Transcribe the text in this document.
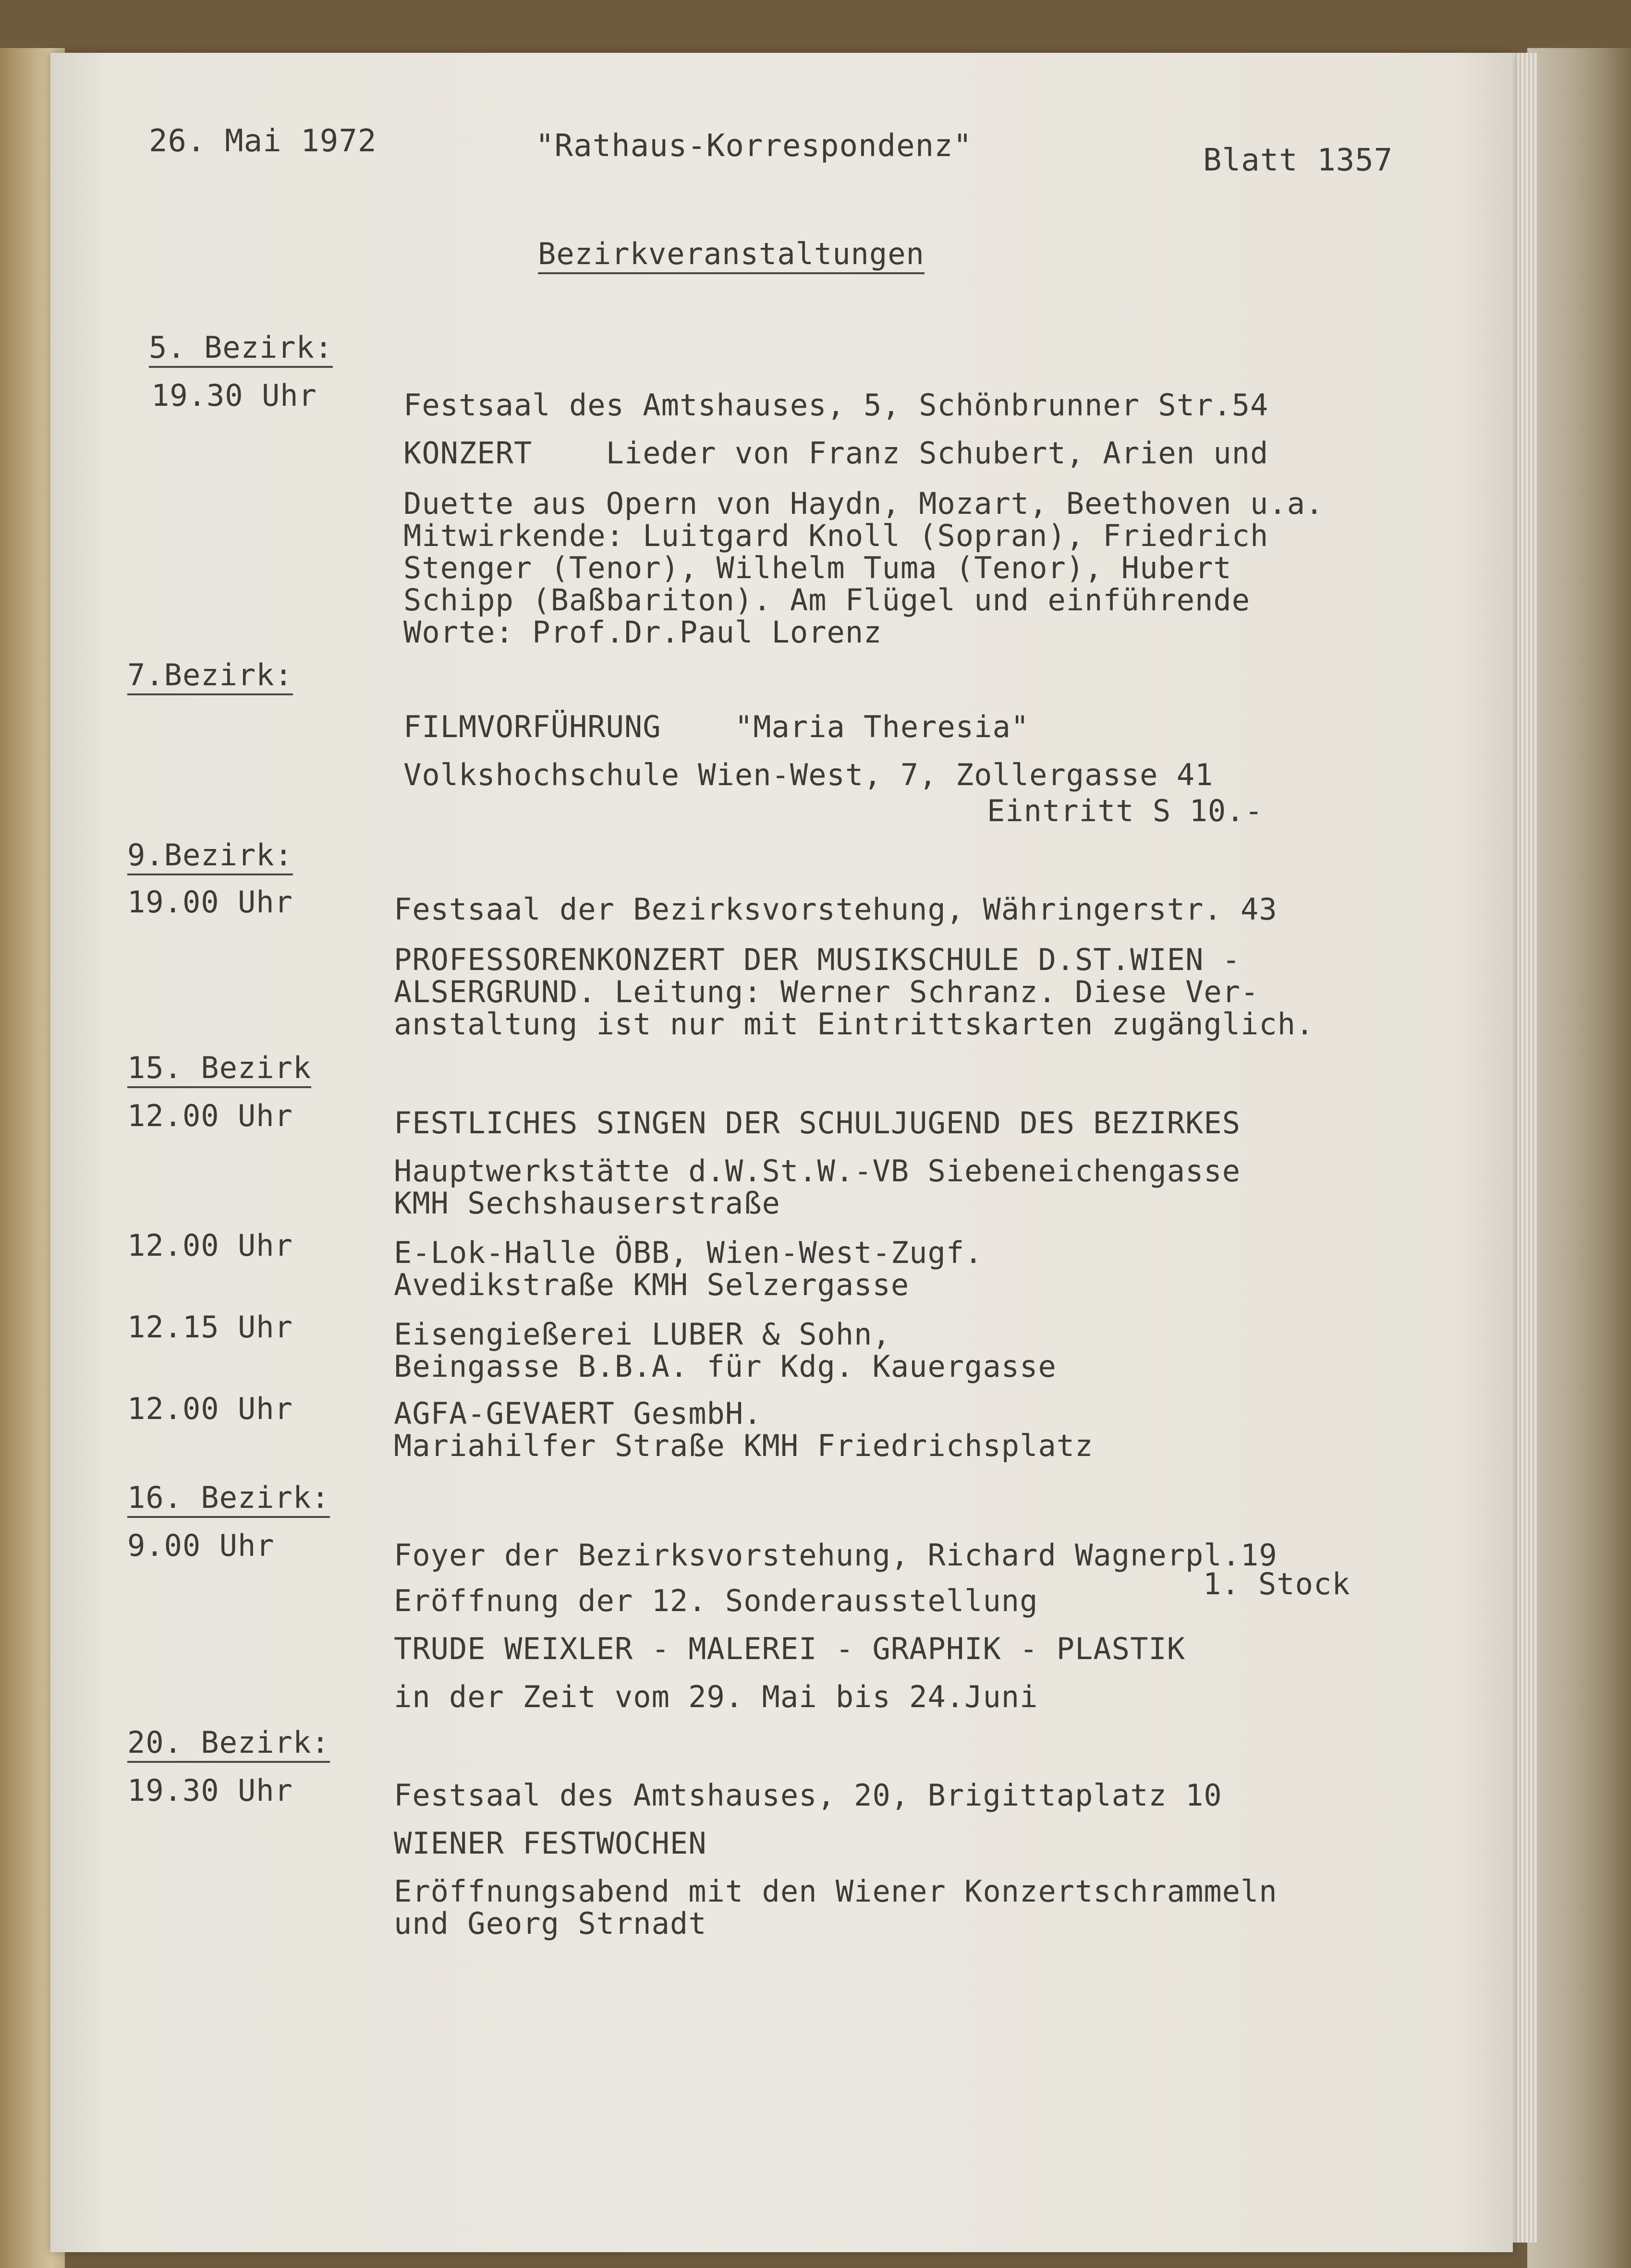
26. Mai 1972	"Rathaus-Korrespondenz"	Blatt 1357
Bezirkveranstaltungen
5. Bezirk:
19.30 Uhr	Festsaal des Amtshauses, 5, Schönbrunner Str.54
KONZERT    Lieder von Franz Schubert, Arien und
Duette aus Opern von Haydn, Mozart, Beethoven u.a.
Mitwirkende: Luitgard Knoll (Sopran), Friedrich
Stenger (Tenor), Wilhelm Tuma (Tenor), Hubert
Schipp (Baßbariton). Am Flügel und einführende
Worte: Prof.Dr.Paul Lorenz
7.Bezirk:
FILMVORFÜHRUNG    "Maria Theresia"
Volkshochschule Wien-West, 7, Zollergasse 41
Eintritt S 10.-
9.Bezirk:
19.00 Uhr	Festsaal der Bezirksvorstehung, Währingerstr. 43
PROFESSORENKONZERT DER MUSIKSCHULE D.ST.WIEN -
ALSERGRUND. Leitung: Werner Schranz. Diese Ver-
anstaltung ist nur mit Eintrittskarten zugänglich.
15. Bezirk
12.00 Uhr	FESTLICHES SINGEN DER SCHULJUGEND DES BEZIRKES
Hauptwerkstätte d.W.St.W.-VB Siebeneichengasse
KMH Sechshauserstraße
12.00 Uhr	E-Lok-Halle ÖBB, Wien-West-Zugf.
Avedikstraße KMH Selzergasse
12.15 Uhr	Eisengießerei LUBER & Sohn,
Beingasse B.B.A. für Kdg. Kauergasse
12.00 Uhr	AGFA-GEVAERT GesmbH.
Mariahilfer Straße KMH Friedrichsplatz
16. Bezirk:
9.00 Uhr	Foyer der Bezirksvorstehung, Richard Wagnerpl.19
1. Stock
Eröffnung der 12. Sonderausstellung
TRUDE WEIXLER - MALEREI - GRAPHIK - PLASTIK
in der Zeit vom 29. Mai bis 24.Juni
20. Bezirk:
19.30 Uhr	Festsaal des Amtshauses, 20, Brigittaplatz 10
WIENER FESTWOCHEN
Eröffnungsabend mit den Wiener Konzertschrammeln
und Georg Strnadt
